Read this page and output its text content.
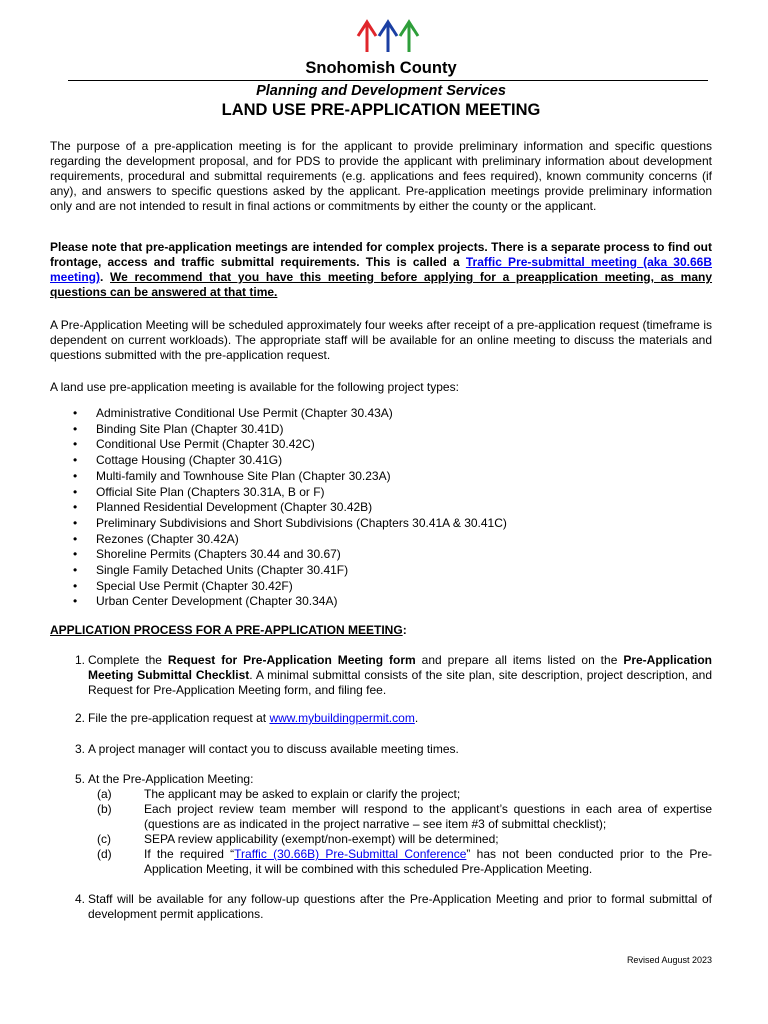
Snohomish County
Planning and Development Services
LAND USE PRE-APPLICATION MEETING

The purpose of a pre-application meeting is for the applicant to provide preliminary information and specific questions regarding the development proposal, and for PDS to provide the applicant with preliminary information about development requirements, procedural and submittal requirements (e.g. applications and fees required), known community concerns (if any), and answers to specific questions asked by the applicant. Pre-application meetings provide preliminary information only and are not intended to result in final actions or commitments by either the county or the applicant.

Please note that pre-application meetings are intended for complex projects. There is a separate process to find out frontage, access and traffic submittal requirements. This is called a Traffic Pre-submittal meeting (aka 30.66B meeting). We recommend that you have this meeting before applying for a preapplication meeting, as many questions can be answered at that time.

A Pre-Application Meeting will be scheduled approximately four weeks after receipt of a pre-application request (timeframe is dependent on current workloads). The appropriate staff will be available for an online meeting to discuss the materials and questions submitted with the pre-application request.

A land use pre-application meeting is available for the following project types:

• Administrative Conditional Use Permit (Chapter 30.43A)
• Binding Site Plan (Chapter 30.41D)
• Conditional Use Permit (Chapter 30.42C)
• Cottage Housing (Chapter 30.41G)
• Multi-family and Townhouse Site Plan (Chapter 30.23A)
• Official Site Plan (Chapters 30.31A, B or F)
• Planned Residential Development (Chapter 30.42B)
• Preliminary Subdivisions and Short Subdivisions (Chapters 30.41A & 30.41C)
• Rezones (Chapter 30.42A)
• Shoreline Permits (Chapters 30.44 and 30.67)
• Single Family Detached Units (Chapter 30.41F)
• Special Use Permit (Chapter 30.42F)
• Urban Center Development (Chapter 30.34A)
APPLICATION PROCESS FOR A PRE-APPLICATION MEETING:
1. Complete the Request for Pre-Application Meeting form and prepare all items listed on the Pre-Application Meeting Submittal Checklist. A minimal submittal consists of the site plan, site description, project description, and Request for Pre-Application Meeting form, and filing fee.
2. File the pre-application request at www.mybuildingpermit.com.
3. A project manager will contact you to discuss available meeting times.
5. At the Pre-Application Meeting:
(a)	The applicant may be asked to explain or clarify the project;
(b)	Each project review team member will respond to the applicant’s questions in each area of expertise (questions are as indicated in the project narrative – see item #3 of submittal checklist);
(c)	SEPA review applicability (exempt/non-exempt) will be determined;
(d)	If the required “Traffic (30.66B) Pre-Submittal Conference” has not been conducted prior to the Pre-Application Meeting, it will be combined with this scheduled Pre-Application Meeting.
4. Staff will be available for any follow-up questions after the Pre-Application Meeting and prior to formal submittal of development permit applications.
Revised August 2023
